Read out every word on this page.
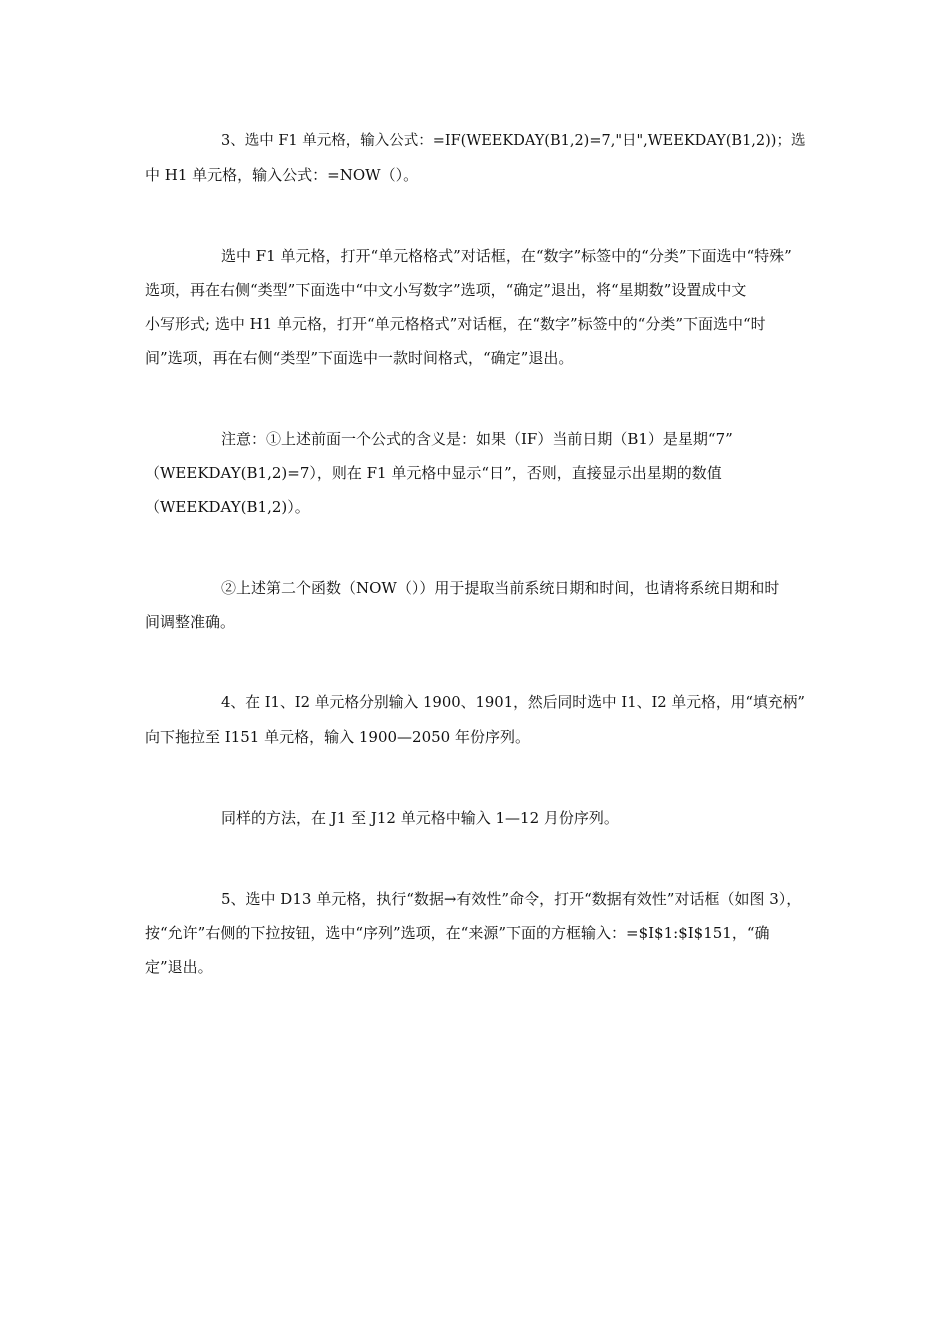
3、选中 F1 单元格，输入公式：=IF(WEEKDAY(B1,2)=7,"日",WEEKDAY(B1,2))；选
中 H1 单元格，输入公式：=NOW（）。
选中 F1 单元格，打开“单元格格式”对话框，在“数字”标签中的“分类”下面选中“特殊”
选项，再在右侧“类型”下面选中“中文小写数字”选项，“确定”退出，将“星期数”设置成中文
小写形式; 选中 H1 单元格，打开“单元格格式”对话框，在“数字”标签中的“分类”下面选中“时
间”选项，再在右侧“类型”下面选中一款时间格式，“确定”退出。
注意：①上述前面一个公式的含义是：如果（IF）当前日期（B1）是星期“7”
（WEEKDAY(B1,2)=7），则在 F1 单元格中显示“日”，否则，直接显示出星期的数值
（WEEKDAY(B1,2)）。
②上述第二个函数（NOW（））用于提取当前系统日期和时间，也请将系统日期和时
间调整准确。
4、在 I1、I2 单元格分别输入 1900、1901，然后同时选中 I1、I2 单元格，用“填充柄”
向下拖拉至 I151 单元格，输入 1900—2050 年份序列。
同样的方法，在 J1 至 J12 单元格中输入 1—12 月份序列。
5、选中 D13 单元格，执行“数据→有效性”命令，打开“数据有效性”对话框（如图 3），
按“允许”右侧的下拉按钮，选中“序列”选项，在“来源”下面的方框输入：=$I$1:$I$151，“确
定”退出。
